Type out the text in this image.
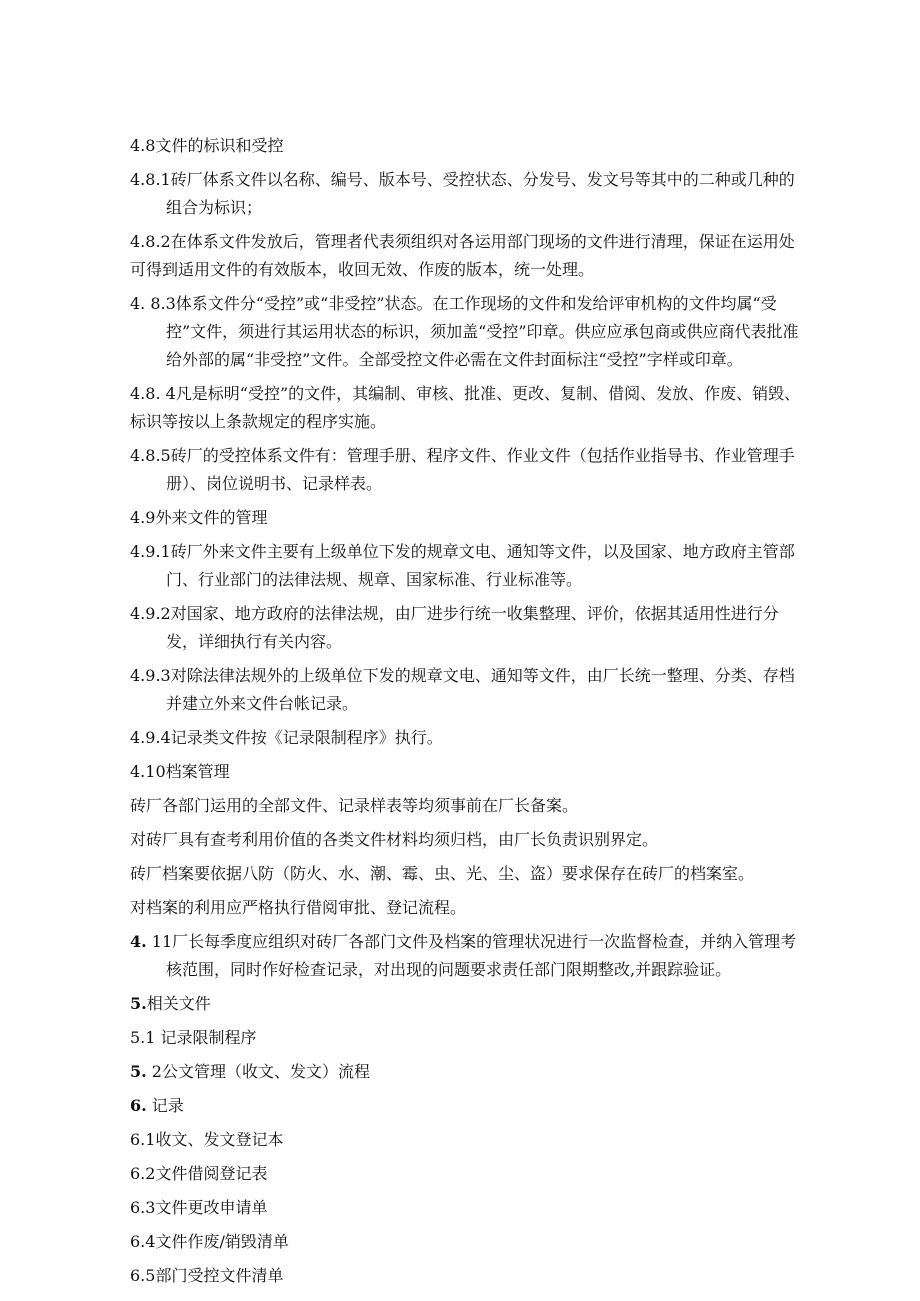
4.8文件的标识和受控

4.8.1砖厂体系文件以名称、编号、版本号、受控状态、分发号、发文号等其中的二种或几种的组合为标识；

4.8.2在体系文件发放后，管理者代表须组织对各运用部门现场的文件进行清理，保证在运用处可得到适用文件的有效版本，收回无效、作废的版本，统一处理。

4. 8.3体系文件分“受控”或“非受控”状态。在工作现场的文件和发给评审机构的文件均属“受控”文件，须进行其运用状态的标识，须加盖“受控”印章。供应应承包商或供应商代表批准给外部的属“非受控”文件。全部受控文件必需在文件封面标注“受控”字样或印章。

4.8. 4凡是标明“受控”的文件，其编制、审核、批准、更改、复制、借阅、发放、作废、销毁、标识等按以上条款规定的程序实施。

4.8.5砖厂的受控体系文件有：管理手册、程序文件、作业文件（包括作业指导书、作业管理手册）、岗位说明书、记录样表。

4.9外来文件的管理

4.9.1砖厂外来文件主要有上级单位下发的规章文电、通知等文件，以及国家、地方政府主管部门、行业部门的法律法规、规章、国家标准、行业标准等。

4.9.2对国家、地方政府的法律法规，由厂进步行统一收集整理、评价，依据其适用性进行分发，详细执行有关内容。

4.9.3对除法律法规外的上级单位下发的规章文电、通知等文件，由厂长统一整理、分类、存档并建立外来文件台帐记录。

4.9.4记录类文件按《记录限制程序》执行。

4.10档案管理

砖厂各部门运用的全部文件、记录样表等均须事前在厂长备案。

对砖厂具有查考利用价值的各类文件材料均须归档，由厂长负责识别界定。

砖厂档案要依据八防（防火、水、潮、霉、虫、光、尘、盗）要求保存在砖厂的档案室。

对档案的利用应严格执行借阅审批、登记流程。

4. 11厂长每季度应组织对砖厂各部门文件及档案的管理状况进行一次监督检查，并纳入管理考核范围，同时作好检查记录，对出现的问题要求责任部门限期整改,并跟踪验证。

5.相关文件

5.1 记录限制程序

5. 2公文管理（收文、发文）流程

6. 记录

6.1收文、发文登记本

6.2文件借阅登记表

6.3文件更改申请单

6.4文件作废/销毁清单

6.5部门受控文件清单
